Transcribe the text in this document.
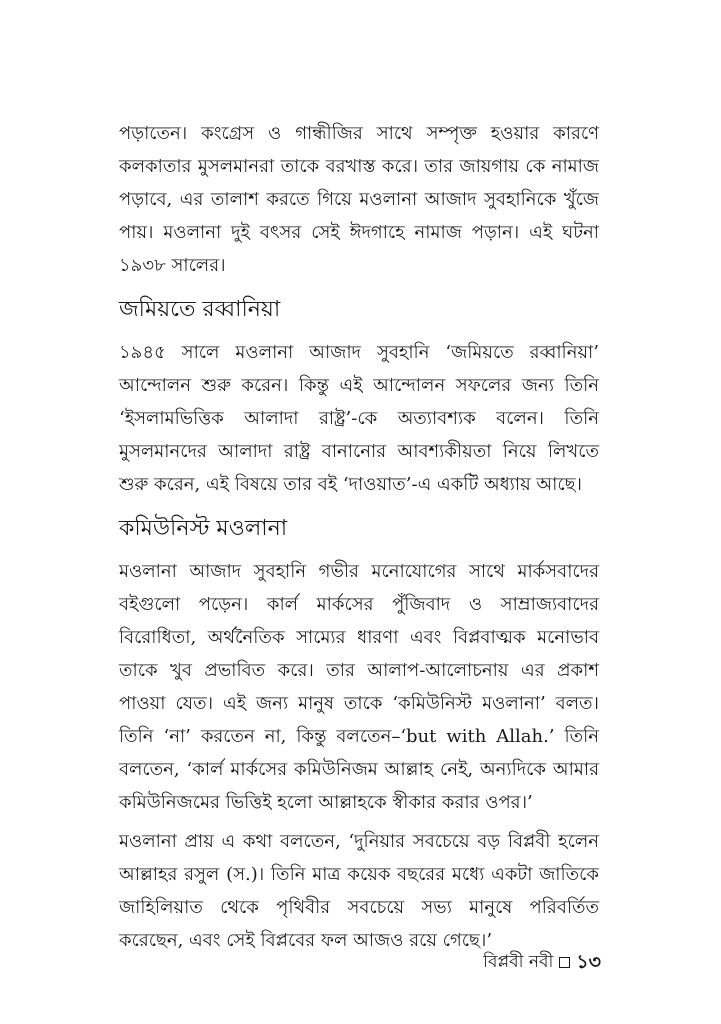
পড়াতেন। কংগ্রেস ও গান্ধীজির সাথে সম্পৃক্ত হওয়ার কারণে কলকাতার মুসলমানরা তাকে বরখাস্ত করে। তার জায়গায় কে নামাজ পড়াবে, এর তালাশ করতে গিয়ে মওলানা আজাদ সুবহানিকে খুঁজে পায়। মওলানা দুই বৎসর সেই ঈদগাহে নামাজ পড়ান। এই ঘটনা ১৯৩৮ সালের।

জমিয়তে রব্বানিয়া

১৯৪৫ সালে মওলানা আজাদ সুবহানি ‘জমিয়তে রব্বানিয়া’ আন্দোলন শুরু করেন। কিন্তু এই আন্দোলন সফলের জন্য তিনি ‘ইসলামভিত্তিক আলাদা রাষ্ট্র’-কে অত্যাবশ্যক বলেন। তিনি মুসলমানদের আলাদা রাষ্ট্র বানানোর আবশ্যকীয়তা নিয়ে লিখতে শুরু করেন, এই বিষয়ে তার বই ‘দাওয়াত’-এ একটি অধ্যায় আছে।

কমিউনিস্ট মওলানা

মওলানা আজাদ সুবহানি গভীর মনোযোগের সাথে মার্কসবাদের বইগুলো পড়েন। কার্ল মার্কসের পুঁজিবাদ ও সাম্রাজ্যবাদের বিরোধিতা, অর্থনৈতিক সাম্যের ধারণা এবং বিপ্লবাত্মক মনোভাব তাকে খুব প্রভাবিত করে। তার আলাপ-আলোচনায় এর প্রকাশ পাওয়া যেত। এই জন্য মানুষ তাকে ‘কমিউনিস্ট মওলানা’ বলত। তিনি ‘না’ করতেন না, কিন্তু বলতেন–‘but with Allah.’ তিনি বলতেন, ‘কার্ল মার্কসের কমিউনিজম আল্লাহ নেই, অন্যদিকে আমার কমিউনিজমের ভিত্তিই হলো আল্লাহকে স্বীকার করার ওপর।’

মওলানা প্রায় এ কথা বলতেন, ‘দুনিয়ার সবচেয়ে বড় বিপ্লবী হলেন আল্লাহর রসুল (স.)। তিনি মাত্র কয়েক বছরের মধ্যে একটা জাতিকে জাহিলিয়াত থেকে পৃথিবীর সবচেয়ে সভ্য মানুষে পরিবর্তিত করেছেন, এবং সেই বিপ্লবের ফল আজও রয়ে গেছে।’

বিপ্লবী নবী ১৩
